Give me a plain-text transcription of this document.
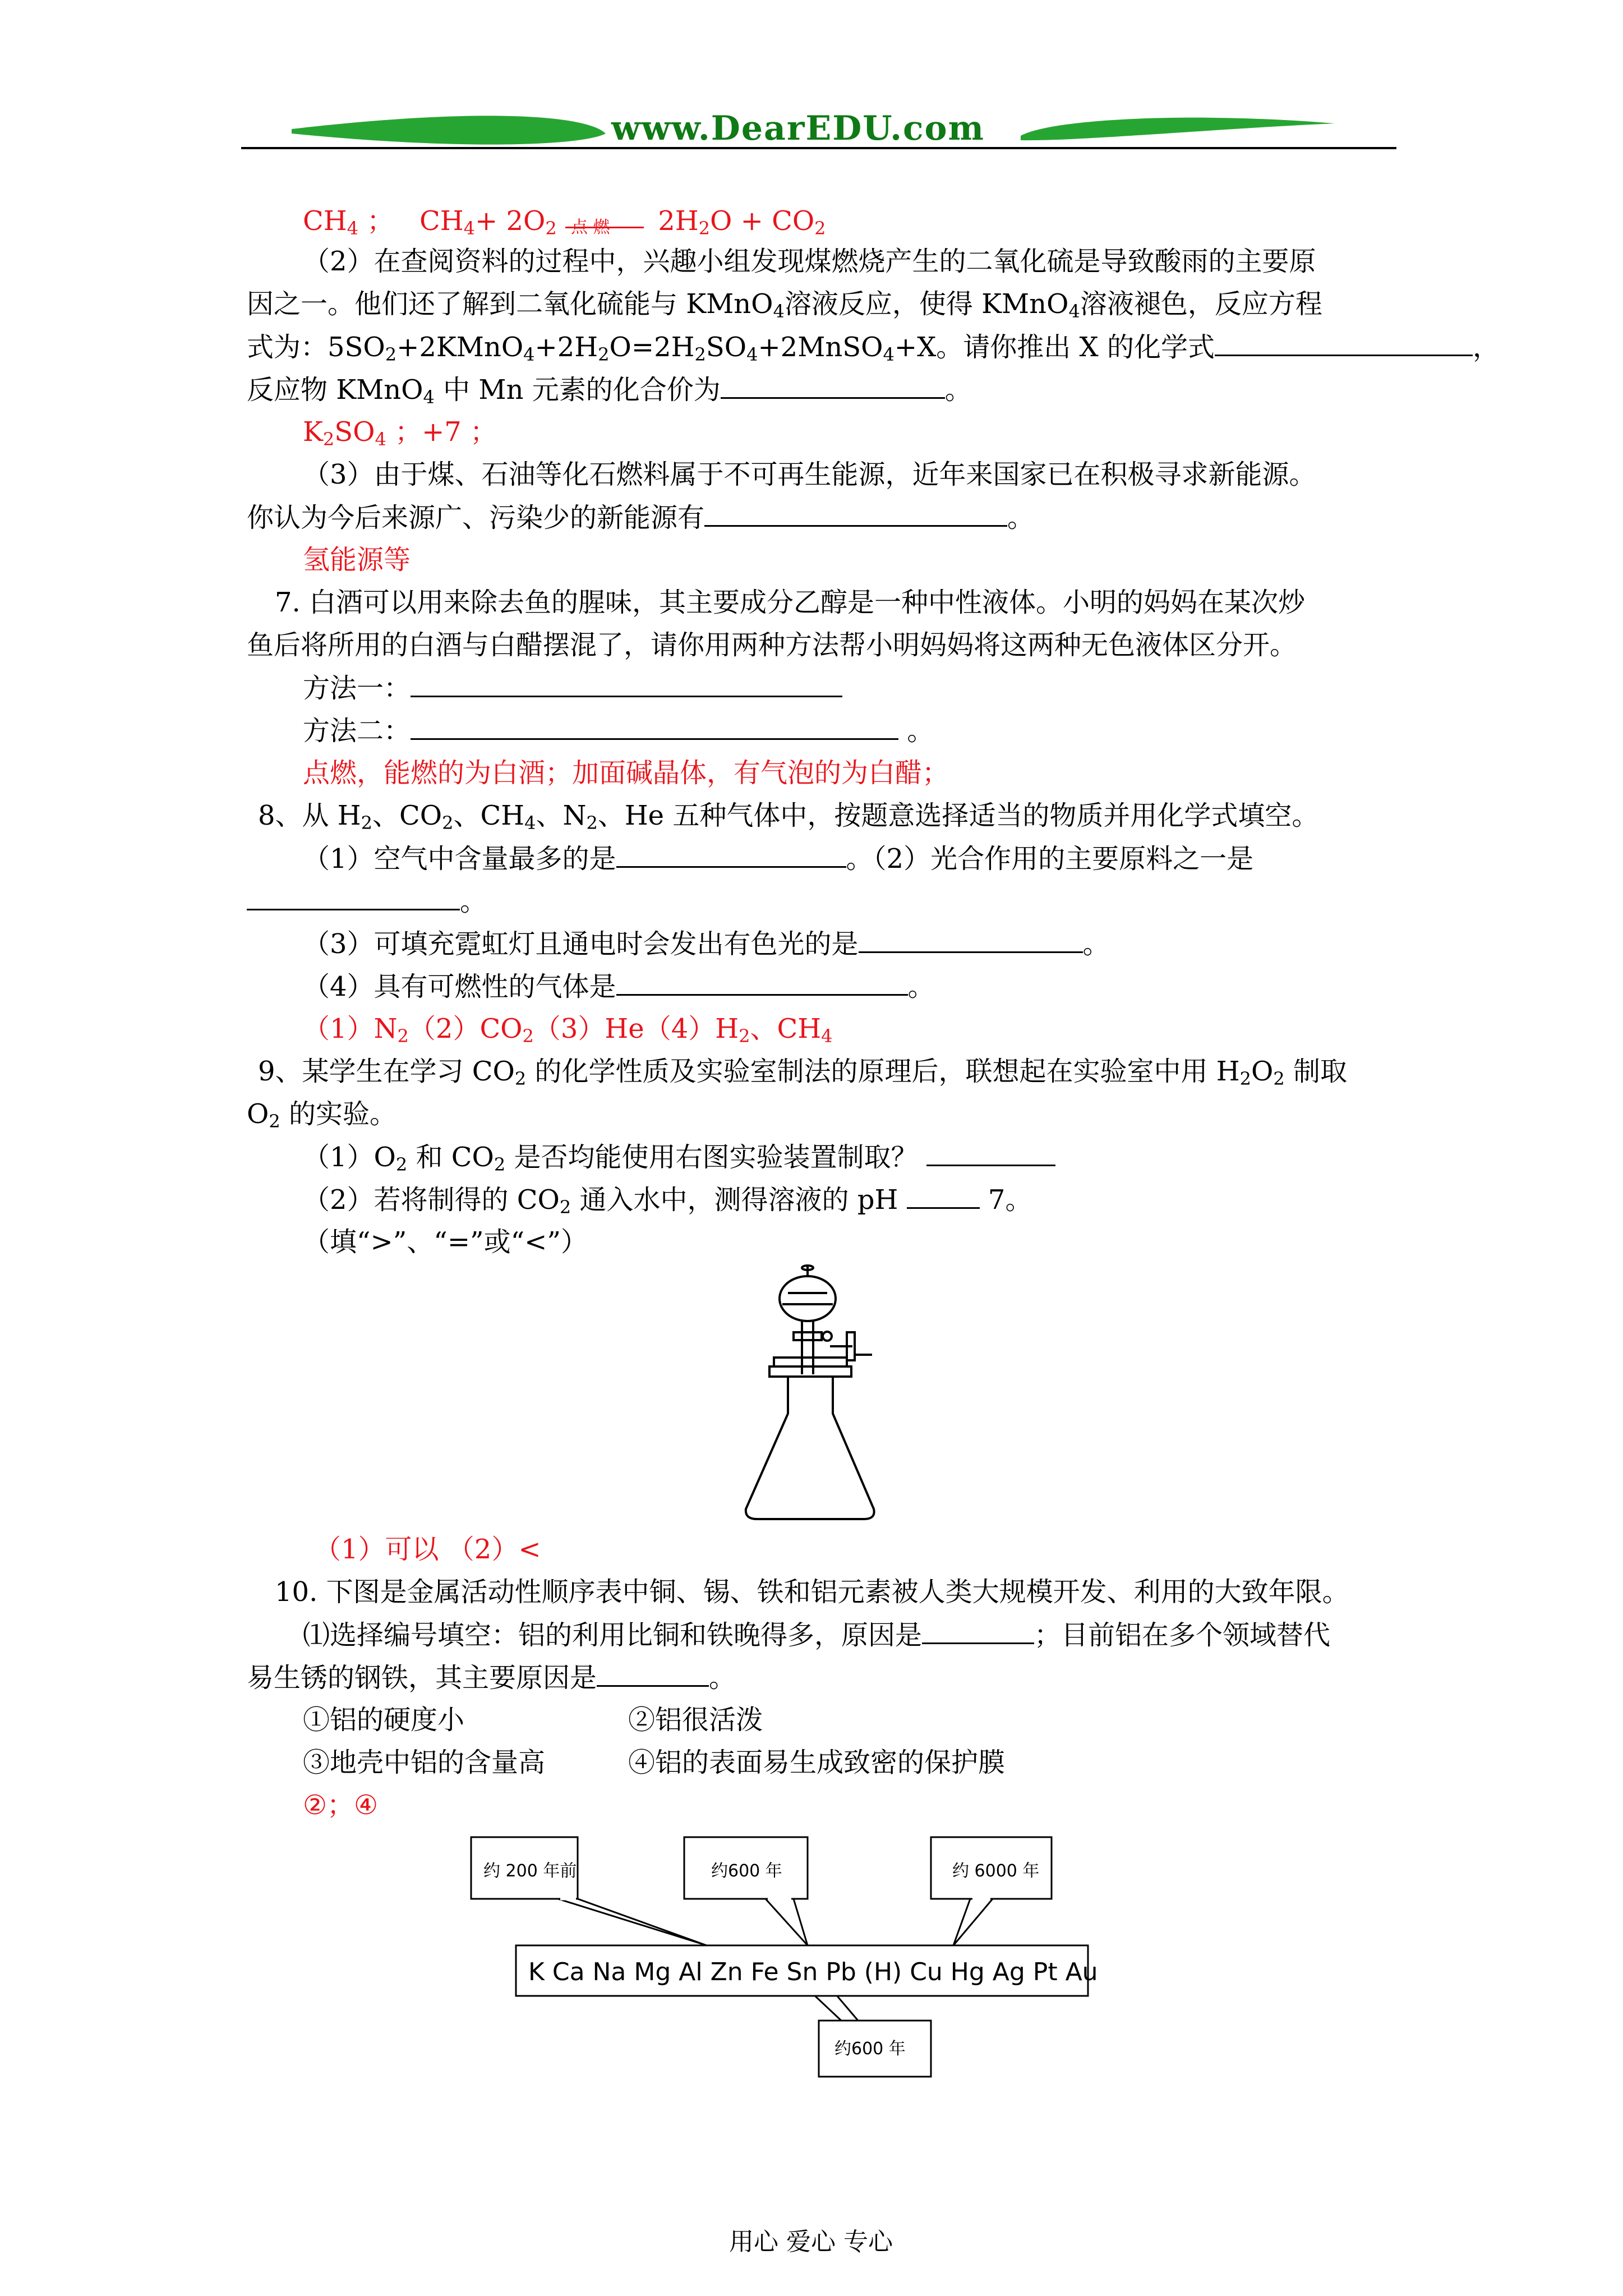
www.DearEDU.com
$CH_4$ ； $CH_4+ 2O_2$ 点 燃 $2H_2O + CO_2$
（2）在查阅资料的过程中，兴趣小组发现煤燃烧产生的二氧化硫是导致酸雨的主要原
因之一。他们还了解到二氧化硫能与 KMnO$_4$溶液反应，使得 KMnO$_4$溶液褪色，反应方程
式为：$5SO_2+2KMnO_4+2H_2O=2H_2SO_4+2MnSO_4+X$。请你推出 X 的化学式	，
反应物 KMnO$_4$ 中 Mn 元素的化合价为	。
$K_2SO_4$ ；+7 ；
（3）由于煤、石油等化石燃料属于不可再生能源，近年来国家已在积极寻求新能源。
你认为今后来源广、污染少的新能源有	。
氢能源等
7. 白酒可以用来除去鱼的腥味，其主要成分乙醇是一种中性液体。小明的妈妈在某次炒
鱼后将所用的白酒与白醋摆混了，请你用两种方法帮小明妈妈将这两种无色液体区分开。
方法一：
方法二：	。
点燃，能燃的为白酒；加面碱晶体，有气泡的为白醋；
8、从 $H_2$、$CO_2$、$CH_4$、$N_2$、He 五种气体中，按题意选择适当的物质并用化学式填空。
（1）空气中含量最多的是	。（2）光合作用的主要原料之一是
。
（3）可填充霓虹灯且通电时会发出有色光的是	。
（4）具有可燃性的气体是	。
$(1)N_2(2)CO_2(3)He(4)H_2$、$CH_4$
9、某学生在学习 $CO_2$ 的化学性质及实验室制法的原理后，联想起在实验室中用 $H_2O_2$ 制取
$O_2$ 的实验。
$(1)O_2$ 和 $CO_2$ 是否均能使用右图实验装置制取？
（2）若将制得的 $CO_2$ 通入水中，测得溶液的 pH	7。
（填“>”、“=”或“<”）
（1）可以 （2）<
10. 下图是金属活动性顺序表中铜、锡、铁和铝元素被人类大规模开发、利用的大致年限。
⑴选择编号填空：铝的利用比铜和铁晚得多，原因是	；目前铝在多个领域替代
易生锈的钢铁，其主要原因是	。
①铝的硬度小	②铝很活泼
③地壳中铝的含量高	④铝的表面易生成致密的保护膜
②；④
约 200 年前	约600 年	约 6000 年
约600 年
K Ca Na Mg Al Zn Fe Sn Pb (H) Cu Hg Ag Pt Au
用心 爱心 专心
